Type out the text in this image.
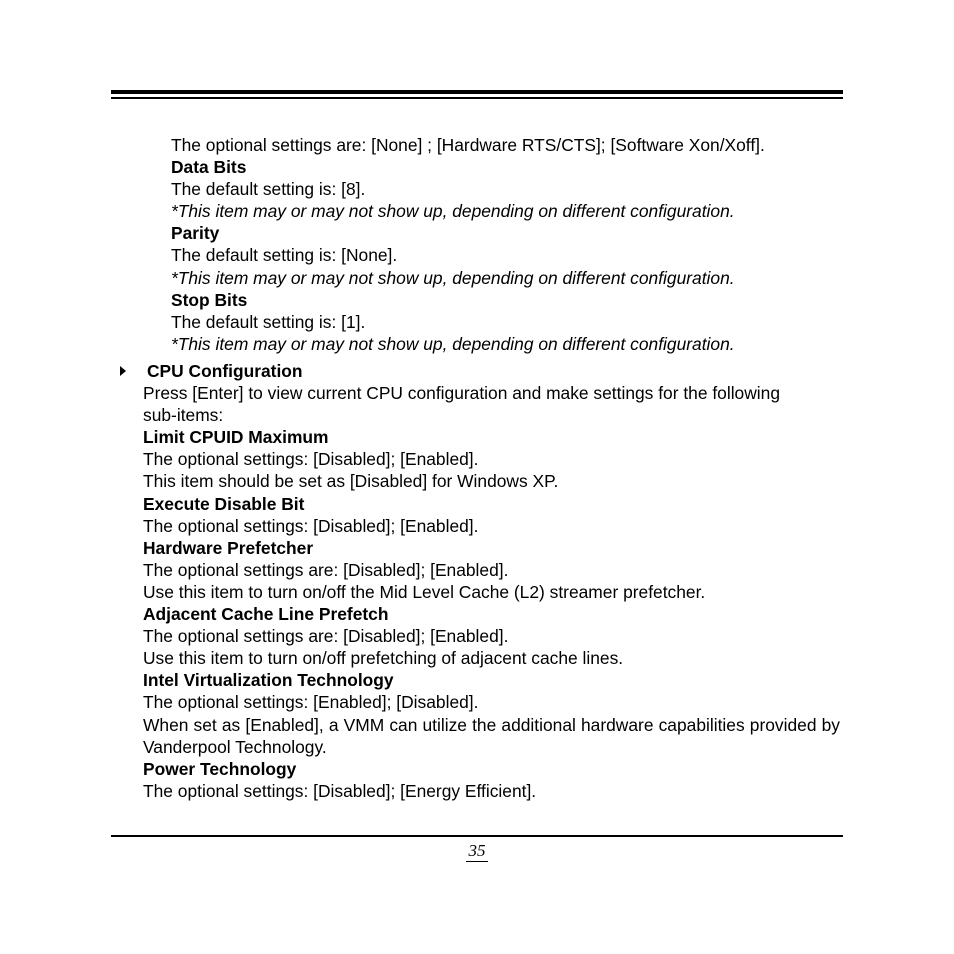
The optional settings are: [None] ; [Hardware RTS/CTS]; [Software Xon/Xoff].

Data Bits

The default setting is: [8].

*This item may or may not show up, depending on different configuration.

Parity

The default setting is: [None].

*This item may or may not show up, depending on different configuration.

Stop Bits

The default setting is: [1].

*This item may or may not show up, depending on different configuration.

CPU Configuration

Press [Enter] to view current CPU configuration and make settings for the following

sub-items:

Limit CPUID Maximum

The optional settings: [Disabled]; [Enabled].

This item should be set as [Disabled] for Windows XP.

Execute Disable Bit

The optional settings: [Disabled]; [Enabled].

Hardware Prefetcher

The optional settings are: [Disabled]; [Enabled].

Use this item to turn on/off the Mid Level Cache (L2) streamer prefetcher.

Adjacent Cache Line Prefetch

The optional settings are: [Disabled]; [Enabled].

Use this item to turn on/off prefetching of adjacent cache lines.

Intel Virtualization Technology

The optional settings: [Enabled]; [Disabled].

When set as [Enabled], a VMM can utilize the additional hardware capabilities provided by Vanderpool Technology.

Power Technology

The optional settings: [Disabled]; [Energy Efficient].

35
